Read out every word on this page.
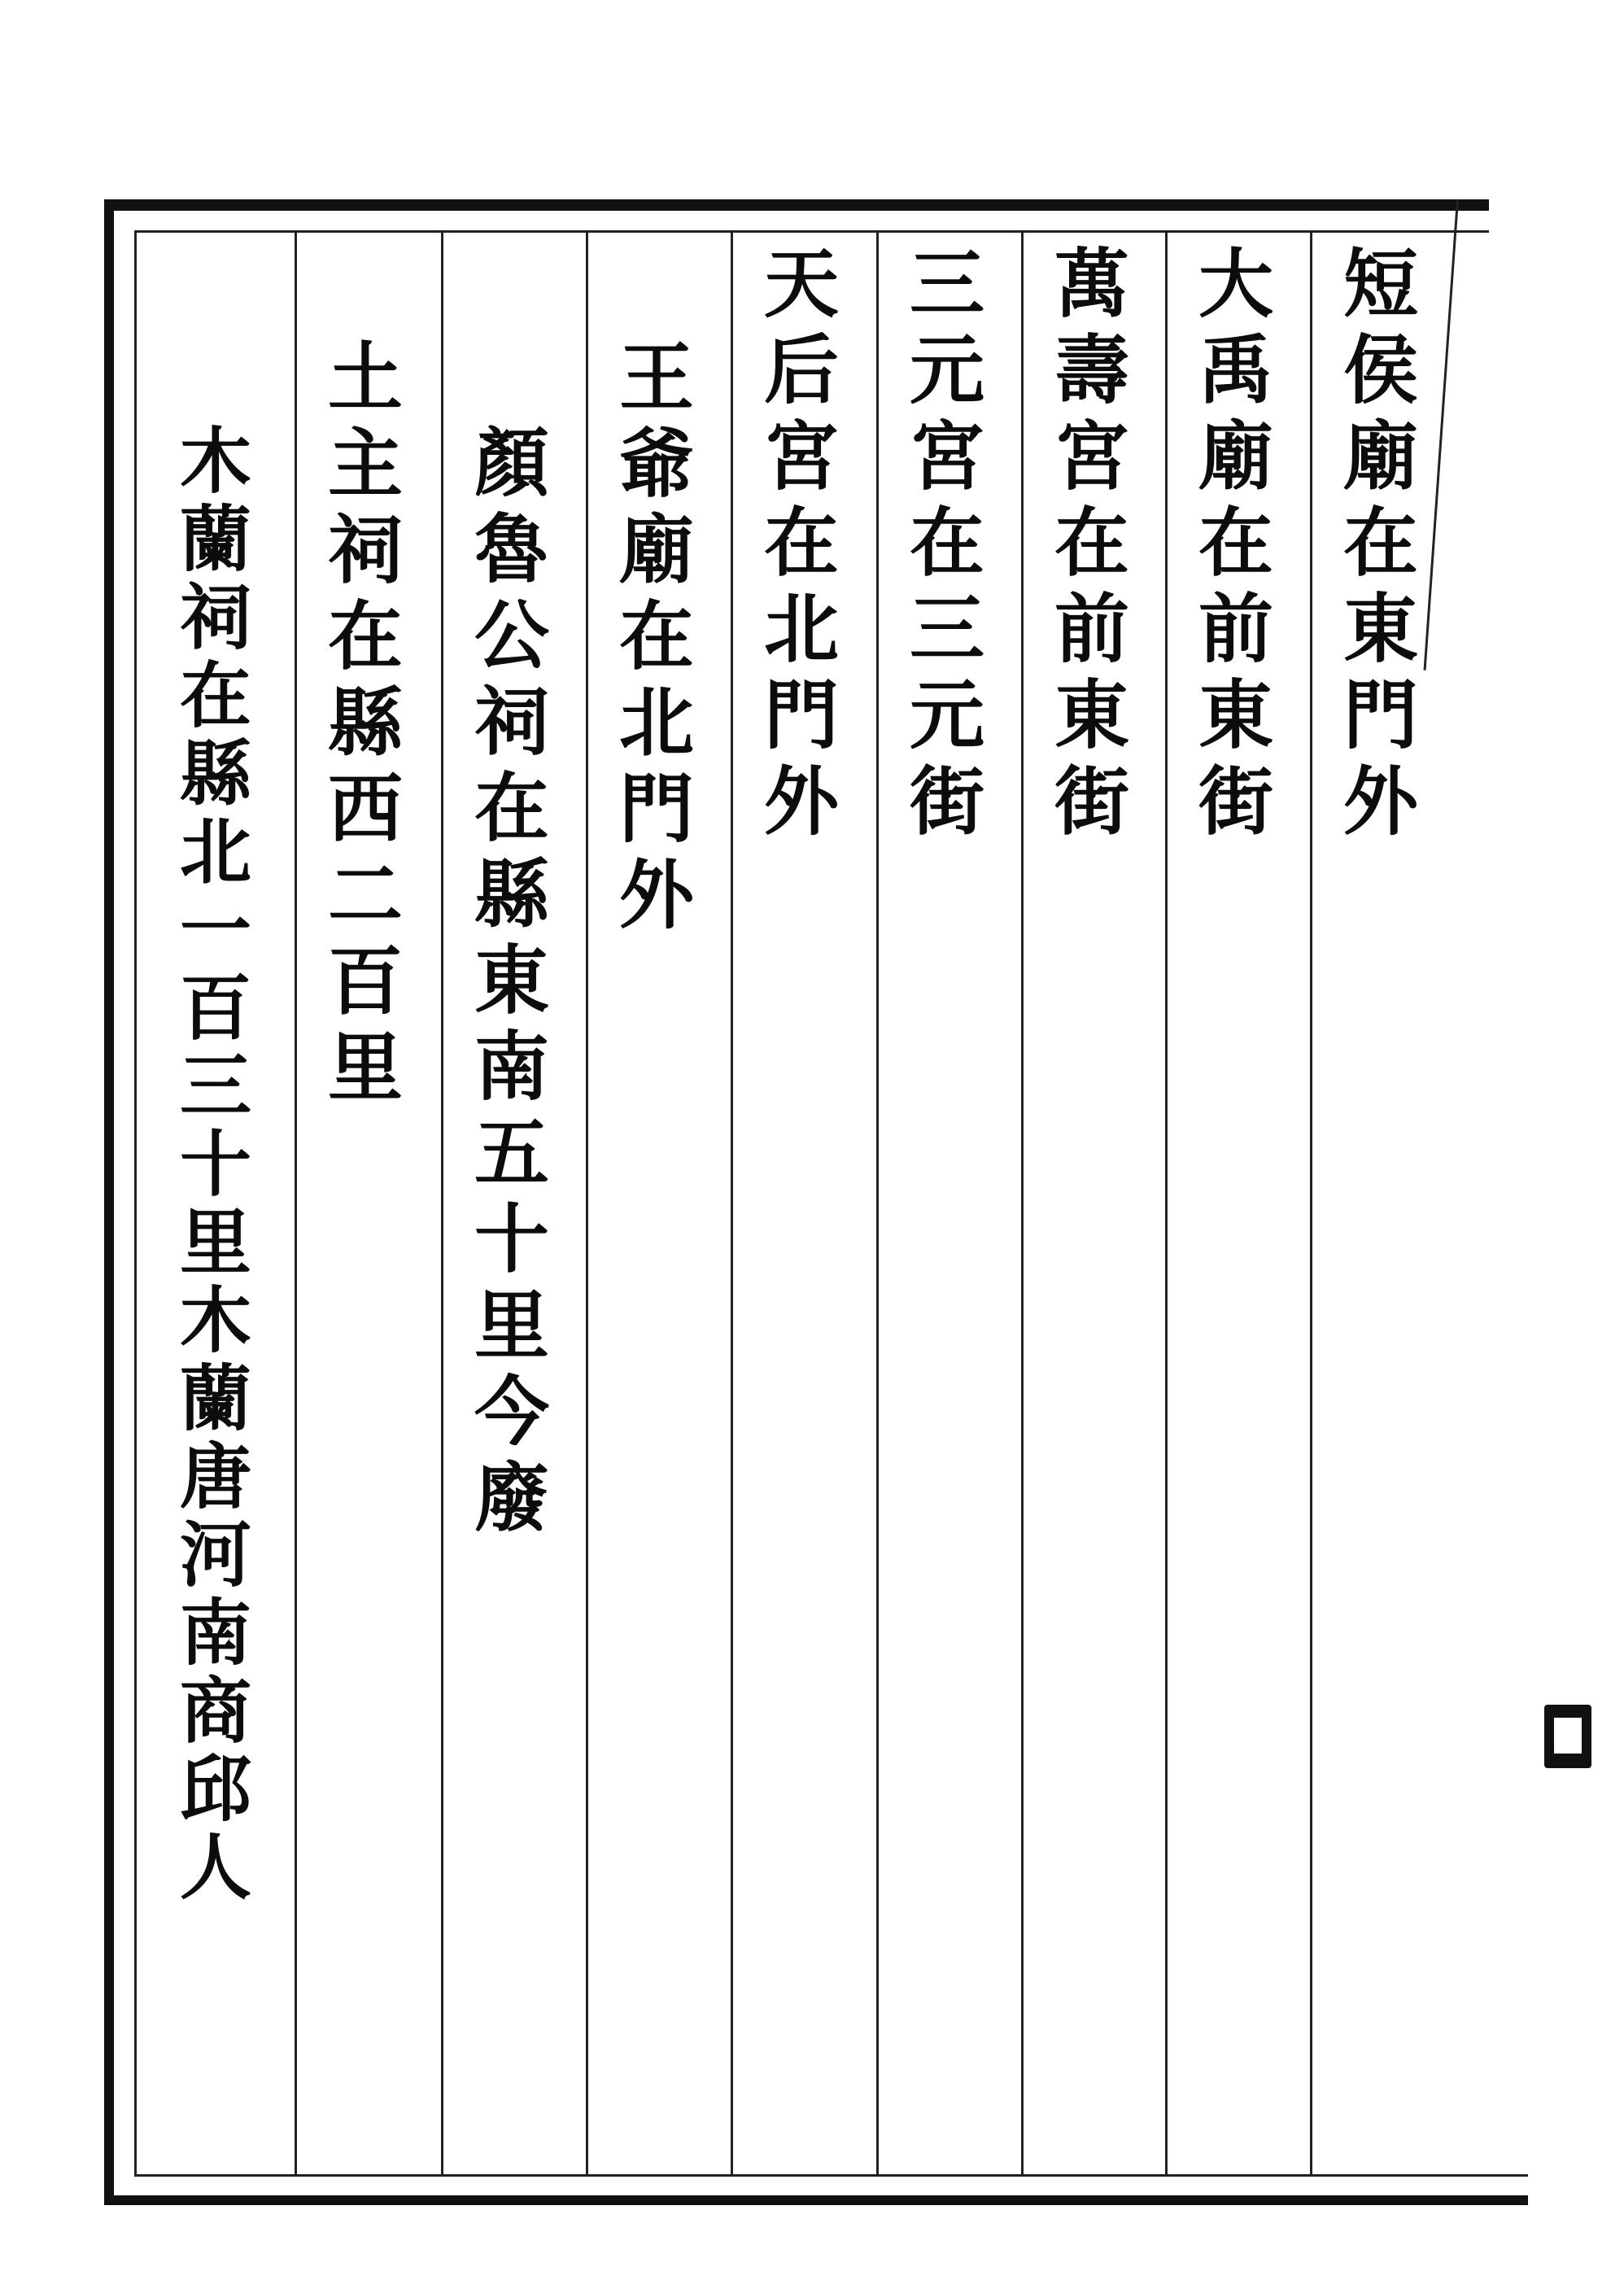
短侯廟在東門外
大禹廟在前東街
萬壽宮在前東街
三元宮在三元街
天后宮在北門外
王爺廟在北門外
顏魯公祠在縣東南五十里今廢
土主祠在縣西二百里
木蘭祠在縣北一百三十里木蘭唐河南商邱人
